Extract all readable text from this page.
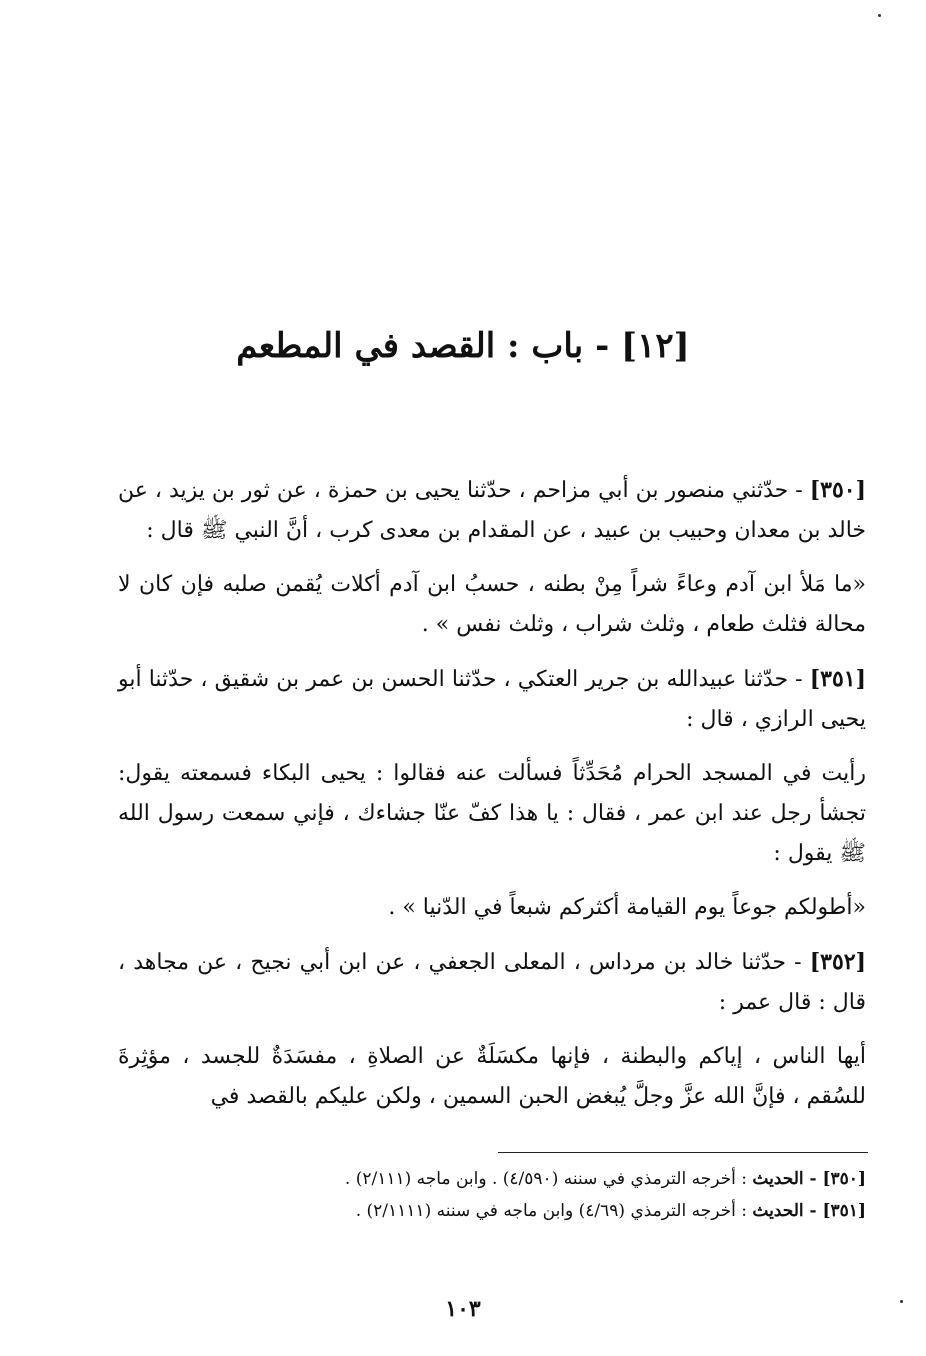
[١٢] - باب : القصد في المطعم

[٣٥٠] - حدّثني منصور بن أبي مزاحم ، حدّثنا يحيى بن حمزة ، عن ثور بن يزيد ، عن خالد بن معدان وحبيب بن عبيد ، عن المقدام بن معدى كرب ، أنَّ النبي ﷺ قال :

«ما مَلأ ابن آدم وعاءً شراً مِنْ بطنه ، حسبُ ابن آدم أكلات يُقمن صلبه فإن كان لا محالة فثلث طعام ، وثلث شراب ، وثلث نفس » .

[٣٥١] - حدّثنا عبيدالله بن جرير العتكي ، حدّثنا الحسن بن عمر بن شقيق ، حدّثنا أبو يحيى الرازي ، قال :

رأيت في المسجد الحرام مُحَدِّثاً فسألت عنه فقالوا : يحيى البكاء فسمعته يقول: تجشأ رجل عند ابن عمر ، فقال : يا هذا كفّ عنّا جشاءك ، فإني سمعت رسول الله ﷺ يقول :

«أطولكم جوعاً يوم القيامة أكثركم شبعاً في الدّنيا » .

[٣٥٢] - حدّثنا خالد بن مرداس ، المعلى الجعفي ، عن ابن أبي نجيح ، عن مجاهد ، قال : قال عمر :

أيها الناس ، إياكم والبطنة ، فإنها مكسَلَةٌ عن الصلاةِ ، مفسَدَةٌ للجسد ، مؤثِرةَ للسُقم ، فإنَّ الله عزَّ وجلَّ يُبغض الحبن السمين ، ولكن عليكم بالقصد في

[٣٥٠] - الحديث : أخرجه الترمذي في سننه (٤/٥٩٠) . وابن ماجه (٢/١١١) .

[٣٥١] - الحديث : أخرجه الترمذي (٤/٦٩) وابن ماجه في سننه (٢/١١١١) .

١٠٣
